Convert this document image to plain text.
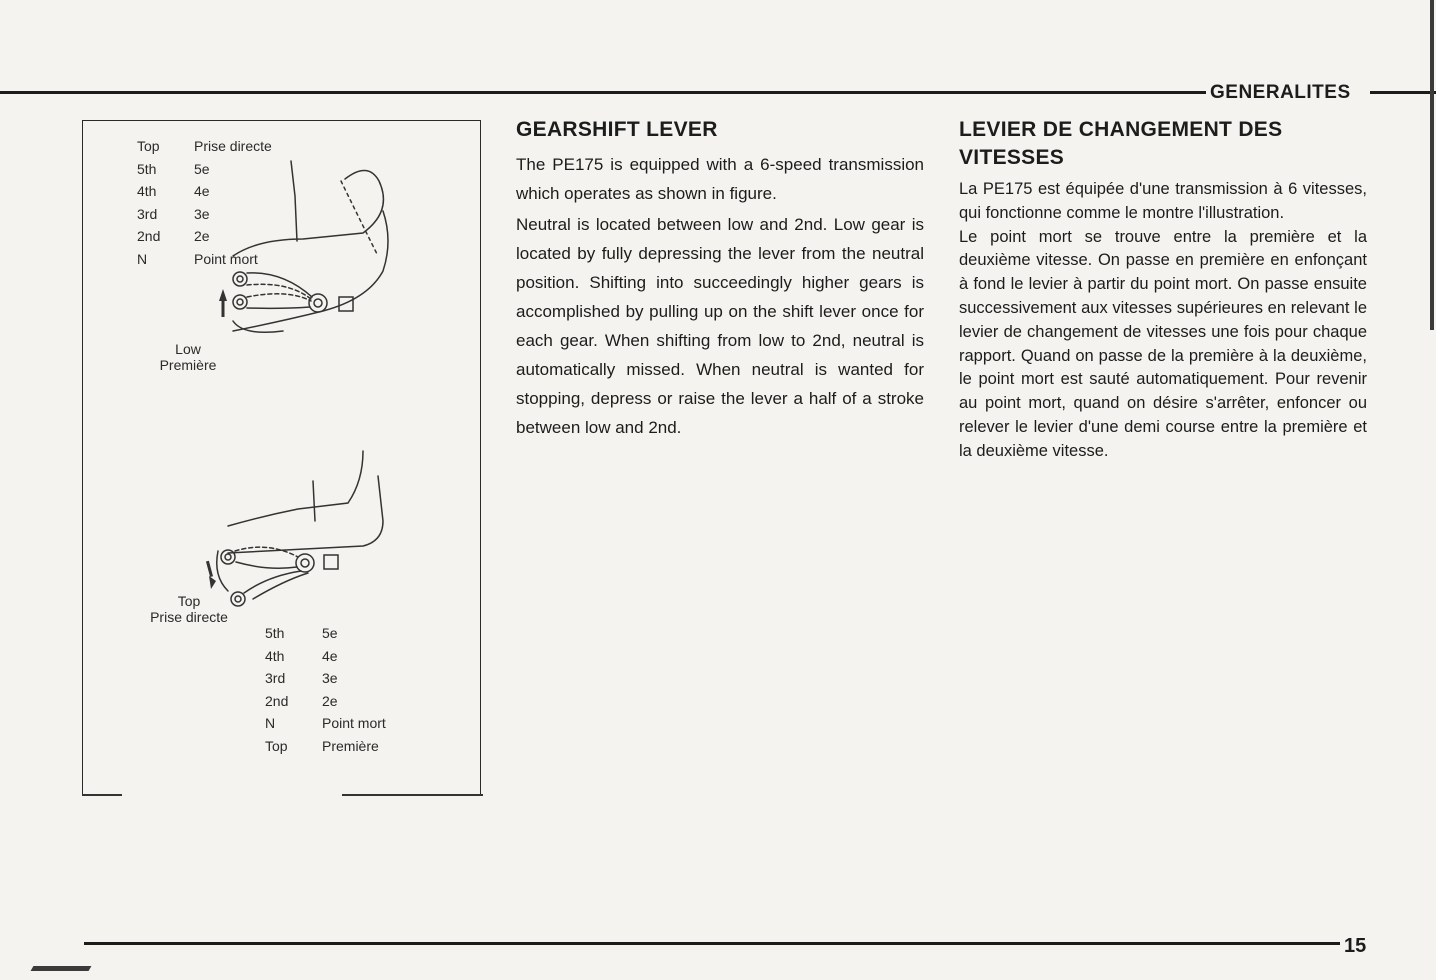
GENERALITES
Top	Prise directe
5th	5e
4th	4e
3rd	3e
2nd	2e
N	Point mort
Low
Première
Top
Prise directe
5th	5e
4th	4e
3rd	3e
2nd	2e
N	Point mort
Top	Première
GEARSHIFT LEVER

The PE175 is equipped with a 6-speed transmission which operates as shown in figure.

Neutral is located between low and 2nd. Low gear is located by fully depressing the lever from the neutral position. Shifting into succeedingly higher gears is accomplished by pulling up on the shift lever once for each gear. When shifting from low to 2nd, neutral is automatically missed. When neutral is wanted for stopping, depress or raise the lever a half of a stroke between low and 2nd.

LEVIER DE CHANGEMENT DES VITESSES

La PE175 est équipée d'une transmission à 6 vitesses, qui fonctionne comme le montre l'illustration.

Le point mort se trouve entre la première et la deuxième vitesse. On passe en première en enfonçant à fond le levier à partir du point mort. On passe ensuite successivement aux vitesses supérieures en relevant le levier de changement de vitesses une fois pour chaque rapport. Quand on passe de la première à la deuxième, le point mort est sauté automatiquement. Pour revenir au point mort, quand on désire s'arrêter, enfoncer ou relever le levier d'une demi course entre la première et la deuxième vitesse.

15
